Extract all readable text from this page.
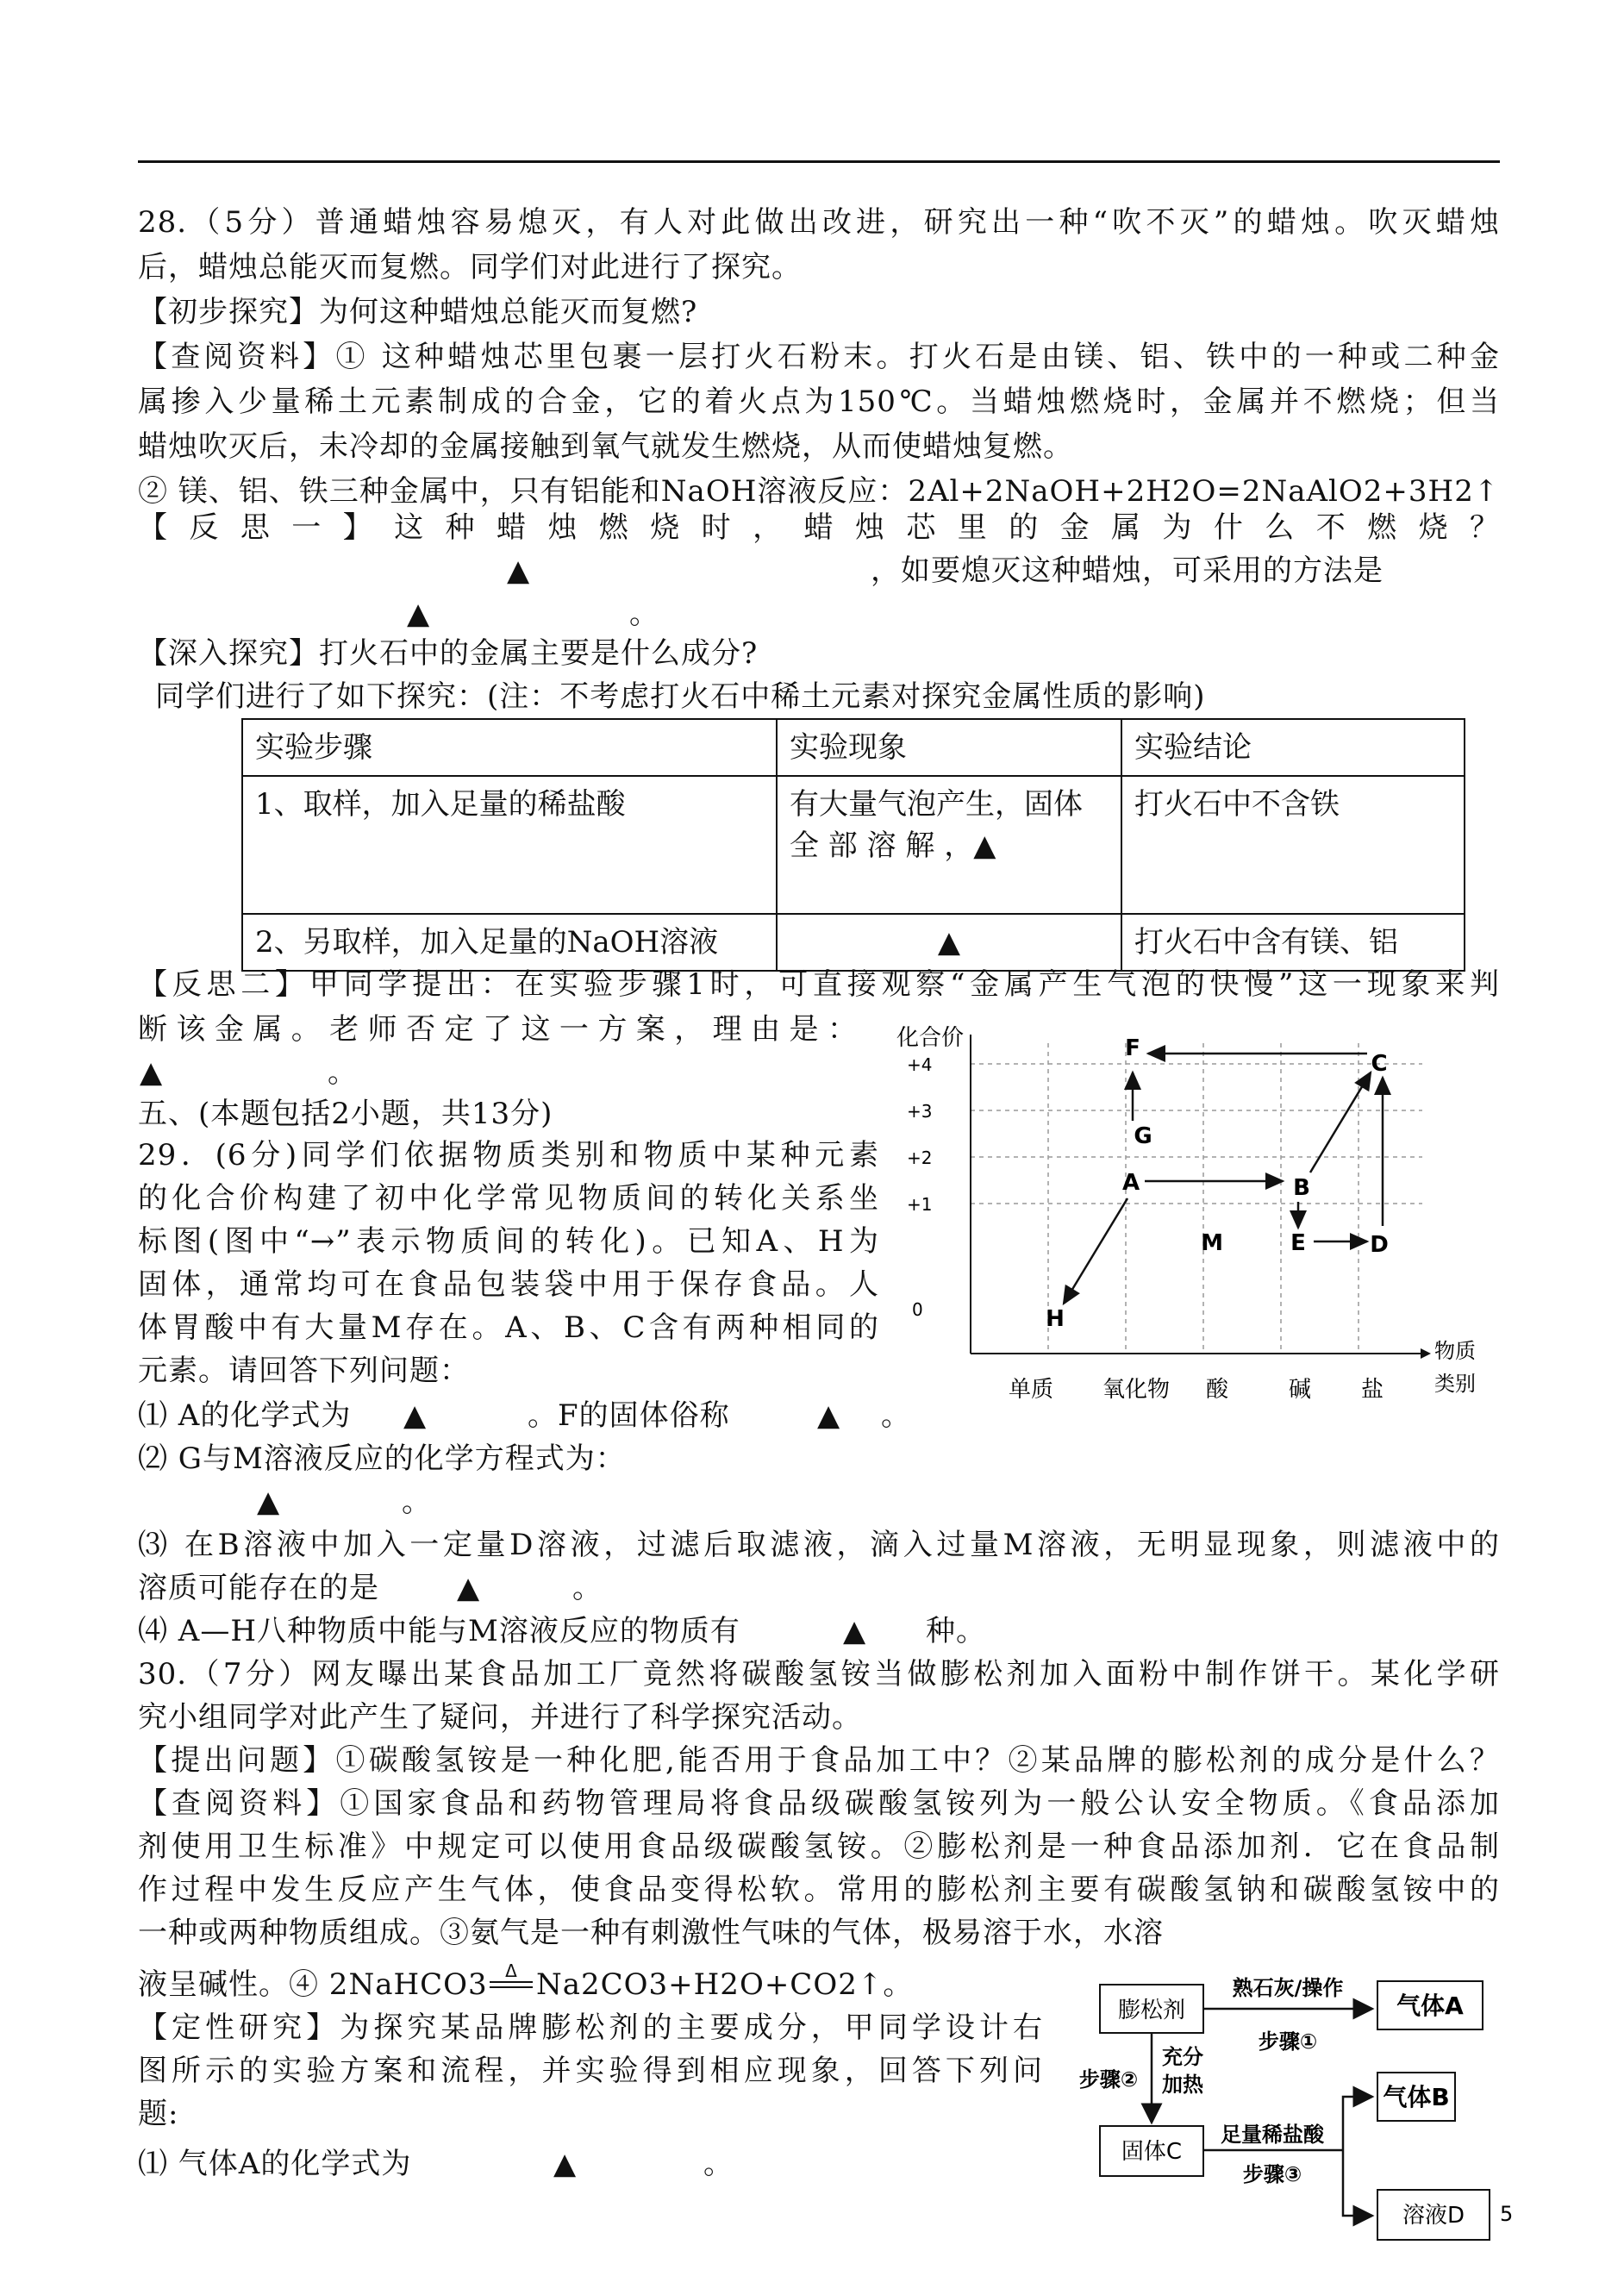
28.（5分）普通蜡烛容易熄灭，有人对此做出改进，研究出一种“吹不灭”的蜡烛。吹灭蜡烛
后，蜡烛总能灭而复燃。同学们对此进行了探究。
【初步探究】为何这种蜡烛总能灭而复燃?
【查阅资料】① 这种蜡烛芯里包裹一层打火石粉末。打火石是由镁、铝、铁中的一种或二种金
属掺入少量稀土元素制成的合金，它的着火点为150℃。当蜡烛燃烧时，金属并不燃烧；但当
蜡烛吹灭后，未冷却的金属接触到氧气就发生燃烧，从而使蜡烛复燃。
② 镁、铝、铁三种金属中，只有铝能和NaOH溶液反应：2Al+2NaOH+2H2O=2NaAlO2+3H2↑
【 反 思 一 】 这 种 蜡 烛 燃 烧 时 ， 蜡 烛 芯 里 的 金 属 为 什 么 不 燃 烧 ？
▲	，如要熄灭这种蜡烛，可采用的方法是
▲	。
【深入探究】打火石中的金属主要是什么成分?
同学们进行了如下探究：(注：不考虑打火石中稀土元素对探究金属性质的影响)
实验步骤	实验现象	实验结论
1、取样，加入足量的稀盐酸	有大量气泡产生，固体全 部 溶 解 ，▲	打火石中不含铁
2、另取样，加入足量的NaOH溶液	▲	打火石中含有镁、铝
【反思二】甲同学提出：在实验步骤1时，可直接观察“金属产生气泡的快慢”这一现象来判
断该金属。老师否定了这一方案，理由是：
▲	。
五、(本题包括2小题，共13分)
29．(6分)同学们依据物质类别和物质中某种元素
的化合价构建了初中化学常见物质间的转化关系坐
标图(图中“→”表示物质间的转化)。已知A、H为
固体，通常均可在食品包装袋中用于保存食品。人
体胃酸中有大量M存在。A、B、C含有两种相同的
元素。请回答下列问题：
⑴ A的化学式为 ▲	。F的固体俗称	▲ 。
⑵ G与M溶液反应的化学方程式为：
▲	。
⑶ 在B溶液中加入一定量D溶液，过滤后取滤液，滴入过量M溶液，无明显现象，则滤液中的
溶质可能存在的是	▲	。
⑷ A—H八种物质中能与M溶液反应的物质有	▲ 种。
化合价
+4
+3
+2
+1
0
单质 氧化物 酸	碱 盐
物质
类别
F
C
G
A	B
M	E	D
H
30.（7分）网友曝出某食品加工厂竟然将碳酸氢铵当做膨松剂加入面粉中制作饼干。某化学研
究小组同学对此产生了疑问，并进行了科学探究活动。
【提出问题】①碳酸氢铵是一种化肥,能否用于食品加工中？②某品牌的膨松剂的成分是什么？
【查阅资料】①国家食品和药物管理局将食品级碳酸氢铵列为一般公认安全物质。《食品添加
剂使用卫生标准》中规定可以使用食品级碳酸氢铵。②膨松剂是一种食品添加剂．它在食品制
作过程中发生反应产生气体，使食品变得松软。常用的膨松剂主要有碳酸氢钠和碳酸氢铵中的
一种或两种物质组成。③氨气是一种有刺激性气味的气体，极易溶于水，水溶
液呈碱性。④ 2NaHCO3	Δ Na2CO3+H2O+CO2↑。
【定性研究】为探究某品牌膨松剂的主要成分，甲同学设计右
图所示的实验方案和流程，并实验得到相应现象，回答下列问
题:
⑴ 气体A的化学式为	▲	。
膨松剂	气体A
固体C
气体B
溶液D 5
熟石灰/操作
步骤①
步骤②
充分
加热
足量稀盐酸
步骤③
